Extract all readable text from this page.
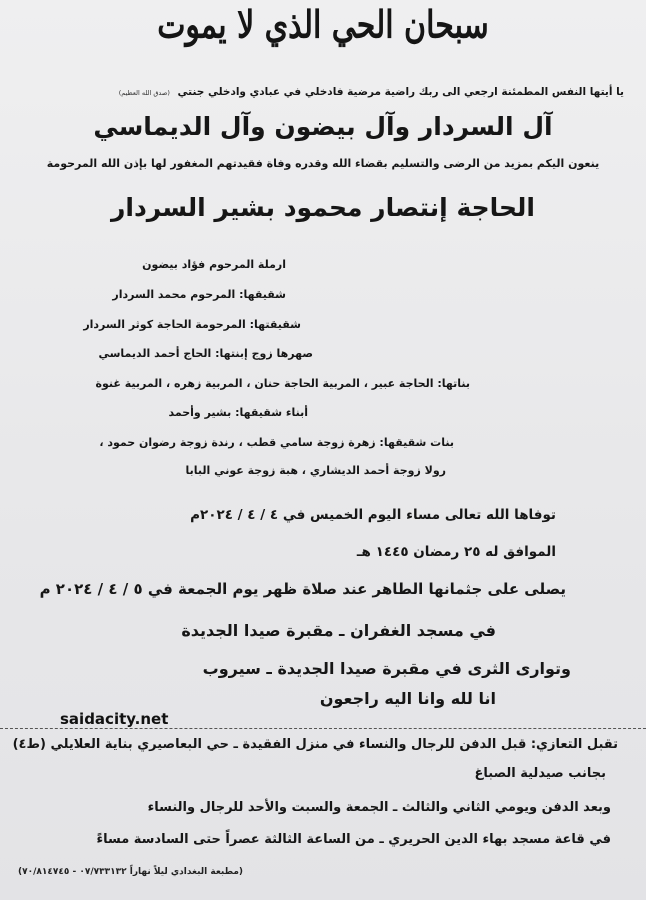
سبحان الحي الذي لا يموت
يا أيتها النفس المطمئنة ارجعي الى ربك راضية مرضية فادخلي في عبادي وادخلي جنتي (صدق الله العظيم)
آل السردار وآل بيضون وآل الديماسي
ينعون اليكم بمزيد من الرضى والتسليم بقضاء الله وقدره وفاة فقيدتهم المغفور لها بإذن الله المرحومة
الحاجة إنتصار محمود بشير السردار
ارملة المرحوم فؤاد بيضون
شقيقها: المرحوم محمد السردار
شقيقتها: المرحومة الحاجة كوثر السردار
صهرها زوج إبنتها: الحاج أحمد الديماسي
بناتها: الحاجة عبير ، المربية الحاجة حنان ، المربية زهره ، المربية غنوة
أبناء شقيقها: بشير وأحمد
بنات شقيقها: زهرة زوجة سامي قطب ، رندة زوجة رضوان حمود ،
رولا زوجة أحمد الديشاري ، هبة زوجة عوني البابا
توفاها الله تعالى مساء اليوم الخميس في ٤ / ٤ / ٢٠٢٤م
الموافق له ٢٥ رمضان ١٤٤٥ هـ
يصلى على جثمانها الطاهر عند صلاة ظهر يوم الجمعة في ٥ / ٤ / ٢٠٢٤ م
في مسجد الغفران ـ مقبرة صيدا الجديدة
وتوارى الثرى في مقبرة صيدا الجديدة ـ سيروب
انا لله وانا اليه راجعون
saidacity.net
تقبل التعازي: قبل الدفن للرجال والنساء في منزل الفقيدة ـ حي البعاصيري بناية العلايلي (ط٤)
بجانب صيدلية الصباغ
وبعد الدفن ويومي الثاني والثالث ـ الجمعة والسبت والأحد للرجال والنساء
في قاعة مسجد بهاء الدين الحريري ـ من الساعة الثالثة عصراً حتى السادسة مساءً
(مطبعة البغدادي ليلاً نهاراً ٠٧/٧٣٣١٣٢ - ٧٠/٨١٤٧٤٥)
